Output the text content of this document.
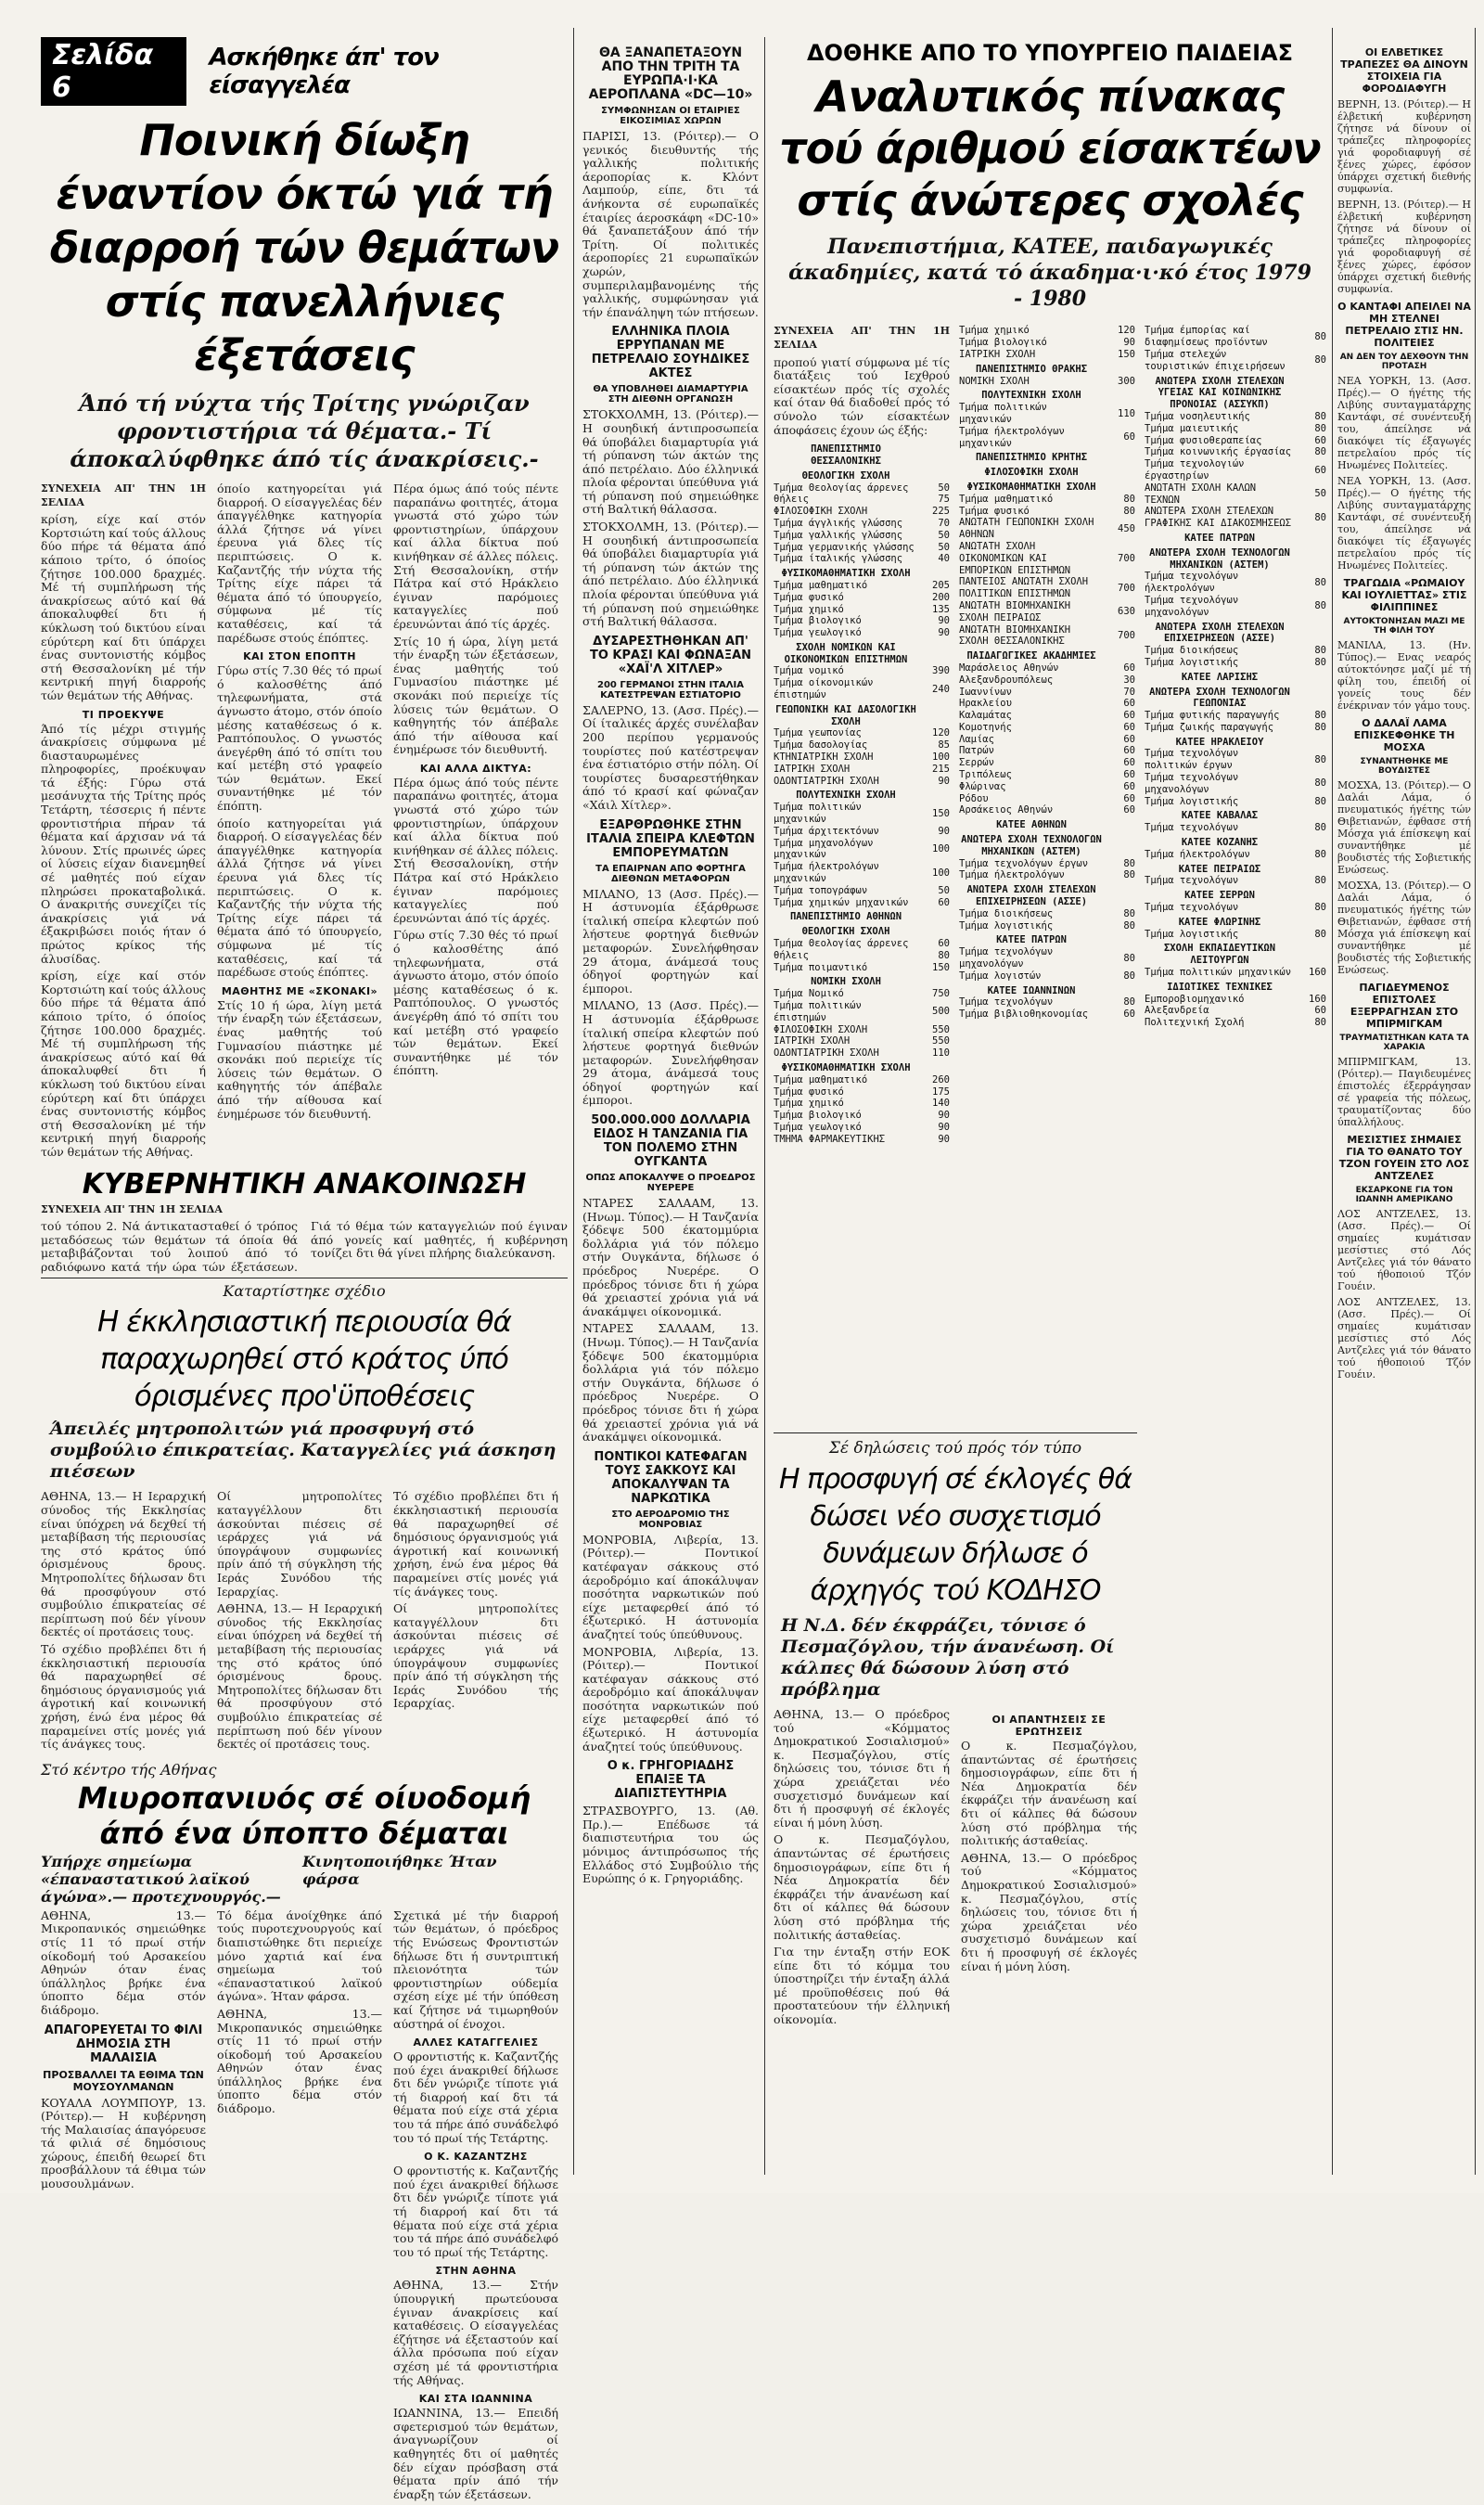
Σελίδα 6
Ασκήθηκε άπ' τον είσαγγελέα
Ποινική δίωξη έναντίον όκτώ γιά τή διαρροή τών θεμάτων στίς πανελλήνιες έξετάσεις

Άπό τή νύχτα τής Τρίτης γνώριζαν φροντιστήρια τά θέματα.- Τί άποκαλύφθηκε άπό τίς άνακρίσεις.-

ΣΥΝΕΧΕΙΑ ΑΠ' ΤΗΝ 1Η ΣΕΛΙΔΑ

κρίση, είχε καί στόν Κορτσιώτη καί τούς άλλους δύο πήρε τά θέματα άπό κάποιο τρίτο, ό όποίος ζήτησε 100.000 δραχμές. Μέ τή συμπλήρωση τής άνακρίσεως αύτό καί θά άποκαλυφθεί δτι ή κύκλωση τού δικτύου είναι εύρύτερη καί δτι ύπάρχει ένας συντονιστής κόμβος στή Θεσσαλονίκη μέ τήν κεντρική πηγή διαρροής τών θεμάτων τής Αθήνας.

ΤΙ ΠΡΟΕΚΥΨΕ

Άπό τίς μέχρι στιγμής άνακρίσεις σύμφωνα μέ διασταυρωμένες πληροφορίες, προέκυψαν τά έξής: Γύρω στά μεσάνυχτα τής Τρίτης πρός Τετάρτη, τέσσερις ή πέντε φροντιστήρια πήραν τά θέματα καί άρχισαν νά τά λύνουν. Στίς πρωινές ώρες οί λύσεις είχαν διανεμηθεί σέ μαθητές πού είχαν πληρώσει προκαταβολικά. Ο άνακριτής συνεχίζει τίς άνακρίσεις γιά νά έξακριβώσει ποιός ήταν ό πρώτος κρίκος τής άλυσίδας.

κρίση, είχε καί στόν Κορτσιώτη καί τούς άλλους δύο πήρε τά θέματα άπό κάποιο τρίτο, ό όποίος ζήτησε 100.000 δραχμές. Μέ τή συμπλήρωση τής άνακρίσεως αύτό καί θά άποκαλυφθεί δτι ή κύκλωση τού δικτύου είναι εύρύτερη καί δτι ύπάρχει ένας συντονιστής κόμβος στή Θεσσαλονίκη μέ τήν κεντρική πηγή διαρροής τών θεμάτων τής Αθήνας.

όποίο κατηγορείται γιά διαρροή. Ο είσαγγελέας δέν άπαγγέλθηκε κατηγορία άλλά ζήτησε νά γίνει έρευνα γιά δλες τίς περιπτώσεις. Ο κ. Καζαντζής τήν νύχτα τής Τρίτης είχε πάρει τά θέματα άπό τό ύπουργείο, σύμφωνα μέ τίς καταθέσεις, καί τά παρέδωσε στούς έπόπτες.

ΚΑΙ ΣΤΟΝ ΕΠΟΠΤΗ

Γύρω στίς 7.30 θές τό πρωί ό καλοσθέτης άπό τηλεφωνήματα, στά άγνωστο άτομο, στόν όποίο μέσης καταθέσεως ό κ. Ραπτόπουλος. Ο γνωστός άνεγέρθη άπό τό σπίτι του καί μετέβη στό γραφείο τών θεμάτων. Εκεί συναντήθηκε μέ τόν έπόπτη.

όποίο κατηγορείται γιά διαρροή. Ο είσαγγελέας δέν άπαγγέλθηκε κατηγορία άλλά ζήτησε νά γίνει έρευνα γιά δλες τίς περιπτώσεις. Ο κ. Καζαντζής τήν νύχτα τής Τρίτης είχε πάρει τά θέματα άπό τό ύπουργείο, σύμφωνα μέ τίς καταθέσεις, καί τά παρέδωσε στούς έπόπτες.

ΜΑΘΗΤΗΣ ΜΕ «ΣΚΟΝΑΚΙ»

Στίς 10 ή ώρα, λίγη μετά τήν έναρξη τών έξετάσεων, ένας μαθητής τού Γυμνασίου πιάστηκε μέ σκονάκι πού περιείχε τίς λύσεις τών θεμάτων. Ο καθηγητής τόν άπέβαλε άπό τήν αίθουσα καί ένημέρωσε τόν διευθυντή.

Πέρα όμως άπό τούς πέντε παραπάνω φοιτητές, άτομα γνωστά στό χώρο τών φροντιστηρίων, ύπάρχουν καί άλλα δίκτυα πού κινήθηκαν σέ άλλες πόλεις. Στή Θεσσαλονίκη, στήν Πάτρα καί στό Ηράκλειο έγιναν παρόμοιες καταγγελίες πού έρευνώνται άπό τίς άρχές.

Στίς 10 ή ώρα, λίγη μετά τήν έναρξη τών έξετάσεων, ένας μαθητής τού Γυμνασίου πιάστηκε μέ σκονάκι πού περιείχε τίς λύσεις τών θεμάτων. Ο καθηγητής τόν άπέβαλε άπό τήν αίθουσα καί ένημέρωσε τόν διευθυντή.

ΚΑΙ ΑΛΛΑ ΔΙΚΤΥΑ:

Πέρα όμως άπό τούς πέντε παραπάνω φοιτητές, άτομα γνωστά στό χώρο τών φροντιστηρίων, ύπάρχουν καί άλλα δίκτυα πού κινήθηκαν σέ άλλες πόλεις. Στή Θεσσαλονίκη, στήν Πάτρα καί στό Ηράκλειο έγιναν παρόμοιες καταγγελίες πού έρευνώνται άπό τίς άρχές.

Γύρω στίς 7.30 θές τό πρωί ό καλοσθέτης άπό τηλεφωνήματα, στά άγνωστο άτομο, στόν όποίο μέσης καταθέσεως ό κ. Ραπτόπουλος. Ο γνωστός άνεγέρθη άπό τό σπίτι του καί μετέβη στό γραφείο τών θεμάτων. Εκεί συναντήθηκε μέ τόν έπόπτη.

ΚΥΒΕΡΝΗΤΙΚΗ ΑΝΑΚΟΙΝΩΣΗ

ΣΥΝΕΧΕΙΑ ΑΠ' ΤΗΝ 1Η ΣΕΛΙΔΑ

τού τόπου 2. Νά άντικατασταθεί ό τρόπος μεταδόσεως τών θεμάτων τά όποία θά μεταβιβάζονται τού λοιπού άπό τό ραδιόφωνο κατά τήν ώρα τών έξετάσεων. Γιά τό θέμα τών καταγγελιών πού έγιναν άπό γονείς καί μαθητές, ή κυβέρνηση τονίζει δτι θά γίνει πλήρης διαλεύκανση.

Καταρτίστηκε σχέδιο

Η έκκλησιαστική περιουσία θά παραχωρηθεί στό κράτος ύπό όρισμένες προ'ϋποθέσεις

Άπειλές μητροπολιτών γιά προσφυγή στό συμβούλιο έπικρατείας. Καταγγελίες γιά άσκηση πιέσεων

ΑΘΗΝΑ, 13.— Η Ιεραρχική σύνοδος τής Εκκλησίας είναι ύπόχρεη νά δεχθεί τή μεταβίβαση τής περιουσίας της στό κράτος ύπό όρισμένους δρους. Μητροπολίτες δήλωσαν δτι θά προσφύγουν στό συμβούλιο έπικρατείας σέ περίπτωση πού δέν γίνουν δεκτές οί προτάσεις τους.

Τό σχέδιο προβλέπει δτι ή έκκλησιαστική περιουσία θά παραχωρηθεί σέ δημόσιους όργανισμούς γιά άγροτική καί κοινωνική χρήση, ένώ ένα μέρος θά παραμείνει στίς μονές γιά τίς άνάγκες τους.

Οί μητροπολίτες καταγγέλλουν δτι άσκούνται πιέσεις σέ ιεράρχες γιά νά ύπογράψουν συμφωνίες πρίν άπό τή σύγκληση τής Ιεράς Συνόδου τής Ιεραρχίας.

ΑΘΗΝΑ, 13.— Η Ιεραρχική σύνοδος τής Εκκλησίας είναι ύπόχρεη νά δεχθεί τή μεταβίβαση τής περιουσίας της στό κράτος ύπό όρισμένους δρους. Μητροπολίτες δήλωσαν δτι θά προσφύγουν στό συμβούλιο έπικρατείας σέ περίπτωση πού δέν γίνουν δεκτές οί προτάσεις τους.

Τό σχέδιο προβλέπει δτι ή έκκλησιαστική περιουσία θά παραχωρηθεί σέ δημόσιους όργανισμούς γιά άγροτική καί κοινωνική χρήση, ένώ ένα μέρος θά παραμείνει στίς μονές γιά τίς άνάγκες τους.

Οί μητροπολίτες καταγγέλλουν δτι άσκούνται πιέσεις σέ ιεράρχες γιά νά ύπογράψουν συμφωνίες πρίν άπό τή σύγκληση τής Ιεράς Συνόδου τής Ιεραρχίας.

Στό κέντρο τής Αθήνας

Μιυροπανιυός σέ οίυοδομή άπό ένα ύποπτο δέμαται

Υπήρχε σημείωμα «έπαναστατικού λαϊκού άγώνα».— προτεχνουργός.—

Κινητοποιήθηκε Ήταν φάρσα

ΑΘΗΝΑ, 13.— Μικροπανικός σημειώθηκε στίς 11 τό πρωί στήν οίκοδομή τού Αρσακείου Αθηνών όταν ένας ύπάλληλος βρήκε ένα ύποπτο δέμα στόν διάδρομο.

ΑΠΑΓΟΡΕΥΕΤΑΙ ΤΟ ΦΙΛΙ ΔΗΜΟΣΙΑ ΣΤΗ ΜΑΛΑΙΣΙΑ

ΠΡΟΣΒΑΛΛΕΙ ΤΑ ΕΘΙΜΑ ΤΩΝ ΜΟΥΣΟΥΛΜΑΝΩΝ

ΚΟΥΑΛΑ ΛΟΥΜΠΟΥΡ, 13. (Ρόιτερ).— Η κυβέρνηση τής Μαλαισίας άπαγόρευσε τά φιλιά σέ δημόσιους χώρους, έπειδή θεωρεί δτι προσβάλλουν τά έθιμα τών μουσουλμάνων.

Τό δέμα άνοίχθηκε άπό τούς πυροτεχνουργούς καί διαπιστώθηκε δτι περιείχε μόνο χαρτιά καί ένα σημείωμα τού «έπαναστατικού λαϊκού άγώνα». Ήταν φάρσα.

ΑΘΗΝΑ, 13.— Μικροπανικός σημειώθηκε στίς 11 τό πρωί στήν οίκοδομή τού Αρσακείου Αθηνών όταν ένας ύπάλληλος βρήκε ένα ύποπτο δέμα στόν διάδρομο.

Σχετικά μέ τήν διαρροή τών θεμάτων, ό πρόεδρος τής Ενώσεως Φροντιστών δήλωσε δτι ή συντριπτική πλειονότητα τών φροντιστηρίων ούδεμία σχέση είχε μέ τήν ύπόθεση καί ζήτησε νά τιμωρηθούν αύστηρά οί ένοχοι.

ΑΛΛΕΣ ΚΑΤΑΓΓΕΛΙΕΣ

Ο φροντιστής κ. Καζαντζής πού έχει άνακριθεί δήλωσε δτι δέν γνώριζε τίποτε γιά τή διαρροή καί δτι τά θέματα πού είχε στά χέρια του τά πήρε άπό συνάδελφό του τό πρωί τής Τετάρτης.

Ο Κ. ΚΑΖΑΝΤΖΗΣ

Ο φροντιστής κ. Καζαντζής πού έχει άνακριθεί δήλωσε δτι δέν γνώριζε τίποτε γιά τή διαρροή καί δτι τά θέματα πού είχε στά χέρια του τά πήρε άπό συνάδελφό του τό πρωί τής Τετάρτης.

ΣΤΗΝ ΑΘΗΝΑ

ΑΘΗΝΑ, 13.— Στήν ύπουργική πρωτεύουσα έγιναν άνακρίσεις καί καταθέσεις. Ο είσαγγελέας έζήτησε νά έξεταστούν καί άλλα πρόσωπα πού είχαν σχέση μέ τά φροντιστήρια τής Αθήνας.

ΚΑΙ ΣΤΑ ΙΩΑΝΝΙΝΑ

ΙΩΑΝΝΙΝΑ, 13.— Επειδή σφετερισμού τών θεμάτων, άναγνωρίζουν οί καθηγητές δτι οί μαθητές δέν είχαν πρόσβαση στά θέματα πρίν άπό τήν έναρξη τών έξετάσεων.

ΘΑ ΞΑΝΑΠΕΤΑΞΟΥΝ ΑΠΟ ΤΗΝ ΤΡΙΤΗ ΤΑ ΕΥΡΩΠΑ·Ι·ΚΑ ΑΕΡΟΠΛΑΝΑ «DC—10»

ΣΥΜΦΩΝΗΣΑΝ ΟΙ ΕΤΑΙΡΙΕΣ ΕΙΚΟΣΙΜΙΑΣ ΧΩΡΩΝ

ΠΑΡΙΣΙ, 13. (Ρόιτερ).— Ο γενικός διευθυντής τής γαλλικής πολιτικής άεροπορίας κ. Κλόντ Λαμπούρ, είπε, δτι τά άνήκοντα σέ ευρωπαϊκές έταιρίες άεροσκάφη «DC-10» θά ξαναπετάξουν άπό τήν Τρίτη. Οί πολιτικές άεροπορίες 21 ευρωπαϊκών χωρών, συμπεριλαμβανομένης τής γαλλικής, συμφώνησαν γιά τήν έπανάληψη τών πτήσεων.

ΕΛΛΗΝΙΚΑ ΠΛΟΙΑ ΕΡΡΥΠΑΝΑΝ ΜΕ ΠΕΤΡΕΛΑΙΟ ΣΟΥΗΔΙΚΕΣ ΑΚΤΕΣ

ΘΑ ΥΠΟΒΛΗΘΕΙ ΔΙΑΜΑΡΤΥΡΙΑ ΣΤΗ ΔΙΕΘΝΗ ΟΡΓΑΝΩΣΗ

ΣΤΟΚΧΟΛΜΗ, 13. (Ρόιτερ).— Η σουηδική άντιπροσωπεία θά ύποβάλει διαμαρτυρία γιά τή ρύπανση τών άκτών της άπό πετρέλαιο. Δύο έλληνικά πλοία φέρονται ύπεύθυνα γιά τή ρύπανση πού σημειώθηκε στή Βαλτική θάλασσα.

ΣΤΟΚΧΟΛΜΗ, 13. (Ρόιτερ).— Η σουηδική άντιπροσωπεία θά ύποβάλει διαμαρτυρία γιά τή ρύπανση τών άκτών της άπό πετρέλαιο. Δύο έλληνικά πλοία φέρονται ύπεύθυνα γιά τή ρύπανση πού σημειώθηκε στή Βαλτική θάλασσα.

ΔΥΣΑΡΕΣΤΗΘΗΚΑΝ ΑΠ' ΤΟ ΚΡΑΣΙ ΚΑΙ ΦΩΝΑΞΑΝ «ΧΑΪ'Λ ΧΙΤΛΕΡ»

200 ΓΕΡΜΑΝΟΙ ΣΤΗΝ ΙΤΑΛΙΑ ΚΑΤΕΣΤΡΕΨΑΝ ΕΣΤΙΑΤΟΡΙΟ

ΣΑΛΕΡΝΟ, 13. (Ασσ. Πρές).— Οί ίταλικές άρχές συνέλαβαν 200 περίπου γερμανούς τουρίστες πού κατέστρεψαν ένα έστιατόριο στήν πόλη. Οί τουρίστες δυσαρεστήθηκαν άπό τό κρασί καί φώναζαν «Χάιλ Χίτλερ».

ΕΞΑΡΘΡΩΘΗΚΕ ΣΤΗΝ ΙΤΑΛΙΑ ΣΠΕΙΡΑ ΚΛΕΦΤΩΝ ΕΜΠΟΡΕΥΜΑΤΩΝ

ΤΑ ΕΠΑΙΡΝΑΝ ΑΠΟ ΦΟΡΤΗΓΑ ΔΙΕΘΝΩΝ ΜΕΤΑΦΟΡΩΝ

ΜΙΛΑΝΟ, 13 (Ασσ. Πρές).— Η άστυνομία έξάρθρωσε ίταλική σπείρα κλεφτών πού λήστευε φορτηγά διεθνών μεταφορών. Συνελήφθησαν 29 άτομα, άνάμεσά τους όδηγοί φορτηγών καί έμποροι.

ΜΙΛΑΝΟ, 13 (Ασσ. Πρές).— Η άστυνομία έξάρθρωσε ίταλική σπείρα κλεφτών πού λήστευε φορτηγά διεθνών μεταφορών. Συνελήφθησαν 29 άτομα, άνάμεσά τους όδηγοί φορτηγών καί έμποροι.

500.000.000 ΔΟΛΛΑΡΙΑ ΕΙΔΟΣ Η ΤΑΝΖΑΝΙΑ ΓΙΑ ΤΟΝ ΠΟΛΕΜΟ ΣΤΗΝ ΟΥΓΚΑΝΤΑ

ΟΠΩΣ ΑΠΟΚΑΛΥΨΕ Ο ΠΡΟΕΔΡΟΣ ΝΥΕΡΕΡΕ

ΝΤΑΡΕΣ ΣΑΛΑΑΜ, 13. (Ηνωμ. Τύπος).— Η Τανζανία ξόδεψε 500 έκατομμύρια δολλάρια γιά τόν πόλεμο στήν Ουγκάντα, δήλωσε ό πρόεδρος Νυερέρε. Ο πρόεδρος τόνισε δτι ή χώρα θά χρειαστεί χρόνια γιά νά άνακάμψει οίκονομικά.

ΝΤΑΡΕΣ ΣΑΛΑΑΜ, 13. (Ηνωμ. Τύπος).— Η Τανζανία ξόδεψε 500 έκατομμύρια δολλάρια γιά τόν πόλεμο στήν Ουγκάντα, δήλωσε ό πρόεδρος Νυερέρε. Ο πρόεδρος τόνισε δτι ή χώρα θά χρειαστεί χρόνια γιά νά άνακάμψει οίκονομικά.

ΠΟΝΤΙΚΟΙ ΚΑΤΕΦΑΓΑΝ ΤΟΥΣ ΣΑΚΚΟΥΣ ΚΑΙ ΑΠΟΚΑΛΥΨΑΝ ΤΑ ΝΑΡΚΩΤΙΚΑ

ΣΤΟ ΑΕΡΟΔΡΟΜΙΟ ΤΗΣ ΜΟΝΡΟΒΙΑΣ

ΜΟΝΡΟΒΙΑ, Λιβερία, 13. (Ρόιτερ).— Ποντικοί κατέφαγαν σάκκους στό άεροδρόμιο καί άποκάλυψαν ποσότητα ναρκωτικών πού είχε μεταφερθεί άπό τό έξωτερικό. Η άστυνομία άναζητεί τούς ύπεύθυνους.

ΜΟΝΡΟΒΙΑ, Λιβερία, 13. (Ρόιτερ).— Ποντικοί κατέφαγαν σάκκους στό άεροδρόμιο καί άποκάλυψαν ποσότητα ναρκωτικών πού είχε μεταφερθεί άπό τό έξωτερικό. Η άστυνομία άναζητεί τούς ύπεύθυνους.

Ο κ. ΓΡΗΓΟΡΙΑΔΗΣ ΕΠΑΙΞΕ ΤΑ ΔΙΑΠΙΣΤΕΥΤΗΡΙΑ

ΣΤΡΑΣΒΟΥΡΓΟ, 13. (Αθ. Πρ.).— Επέδωσε τά διαπιστευτήρια του ώς μόνιμος άντιπρόσωπος τής Ελλάδος στό Συμβούλιο τής Ευρώπης ό κ. Γρηγοριάδης.

ΔΟΘΗΚΕ ΑΠΟ ΤΟ ΥΠΟΥΡΓΕΙΟ ΠΑΙΔΕΙΑΣ

Αναλυτικός πίνακας τού άριθμού είσακτέων στίς άνώτερες σχολές

Πανεπιστήμια, ΚΑΤΕΕ, παιδαγωγικές άκαδημίες, κατά τό άκαδημα·ι·κό έτος 1979 - 1980

ΣΥΝΕΧΕΙΑ ΑΠ' ΤΗΝ 1Η ΣΕΛΙΔΑ

προπού γιατί σύμφωνα μέ τίς διατάξεις τού Ιεχθρού είσακτέων πρός τίς σχολές καί όταν θά διαδοθεί πρός τό σύνολο τών είσακτέων άποφάσεις έχουν ώς έξής:

ΠΑΝΕΠΙΣΤΗΜΙΟ ΘΕΣΣΑΛΟΝΙΚΗΣ	
ΘΕΟΛΟΓΙΚΗ ΣΧΟΛΗ	
Τμήμα Θεολογίας άρρενες	50
θήλεις	75
ΦΙΛΟΣΟΦΙΚΗ ΣΧΟΛΗ	225
Τμήμα άγγλικής γλώσσης	70
Τμήμα γαλλικής γλώσσης	50
Τμήμα γερμανικής γλώσσης	50
Τμήμα ίταλικής γλώσσης	40
ΦΥΣΙΚΟΜΑΘΗΜΑΤΙΚΗ ΣΧΟΛΗ	
Τμήμα μαθηματικό	205
Τμήμα φυσικό	200
Τμήμα χημικό	135
Τμήμα βιολογικό	90
Τμήμα γεωλογικό	90
ΣΧΟΛΗ ΝΟΜΙΚΩΝ ΚΑΙ ΟΙΚΟΝΟΜΙΚΩΝ ΕΠΙΣΤΗΜΩΝ	
Τμήμα νομικό	390
Τμήμα οίκονομικών έπιστημών	240
ΓΕΩΠΟΝΙΚΗ ΚΑΙ ΔΑΣΟΛΟΓΙΚΗ ΣΧΟΛΗ	
Τμήμα γεωπονίας	120
Τμήμα δασολογίας	85
ΚΤΗΝΙΑΤΡΙΚΗ ΣΧΟΛΗ	100
ΙΑΤΡΙΚΗ ΣΧΟΛΗ	215
ΟΔΟΝΤΙΑΤΡΙΚΗ ΣΧΟΛΗ	90
ΠΟΛΥΤΕΧΝΙΚΗ ΣΧΟΛΗ	
Τμήμα πολιτικών μηχανικών	150
Τμήμα άρχιτεκτόνων	90
Τμήμα μηχανολόγων μηχανικών	100
Τμήμα ήλεκτρολόγων μηχανικών	100
Τμήμα τοπογράφων	50
Τμήμα χημικών μηχανικών	60
ΠΑΝΕΠΙΣΤΗΜΙΟ ΑΘΗΝΩΝ	
ΘΕΟΛΟΓΙΚΗ ΣΧΟΛΗ	
Τμήμα Θεολογίας άρρενες	60
θήλεις	80
Τμήμα ποιμαντικό	150
ΝΟΜΙΚΗ ΣΧΟΛΗ	
Τμήμα Νομικό	750
Τμήμα πολιτικών έπιστημών	500
ΦΙΛΟΣΟΦΙΚΗ ΣΧΟΛΗ	550
ΙΑΤΡΙΚΗ ΣΧΟΛΗ	550
ΟΔΟΝΤΙΑΤΡΙΚΗ ΣΧΟΛΗ	110
ΦΥΣΙΚΟΜΑΘΗΜΑΤΙΚΗ ΣΧΟΛΗ	
Τμήμα μαθηματικό	260
Τμήμα φυσικό	175
Τμήμα χημικό	140
Τμήμα βιολογικό	90
Τμήμα γεωλογικό	90
ΤΜΗΜΑ ΦΑΡΜΑΚΕΥΤΙΚΗΣ	90
Τμήμα χημικό	120
Τμήμα βιολογικό	90
ΙΑΤΡΙΚΗ ΣΧΟΛΗ	150
ΠΑΝΕΠΙΣΤΗΜΙΟ ΘΡΑΚΗΣ	
ΝΟΜΙΚΗ ΣΧΟΛΗ	300
ΠΟΛΥΤΕΧΝΙΚΗ ΣΧΟΛΗ	
Τμήμα πολιτικών μηχανικών	110
Τμήμα ήλεκτρολόγων μηχανικών	60
ΠΑΝΕΠΙΣΤΗΜΙΟ ΚΡΗΤΗΣ	
ΦΙΛΟΣΟΦΙΚΗ ΣΧΟΛΗ	
ΦΥΣΙΚΟΜΑΘΗΜΑΤΙΚΗ ΣΧΟΛΗ	
Τμήμα μαθηματικό	80
Τμήμα φυσικό	80
ΑΝΩΤΑΤΗ ΓΕΩΠΟΝΙΚΗ ΣΧΟΛΗ ΑΘΗΝΩΝ	450
ΑΝΩΤΑΤΗ ΣΧΟΛΗ ΟΙΚΟΝΟΜΙΚΩΝ ΚΑΙ ΕΜΠΟΡΙΚΩΝ ΕΠΙΣΤΗΜΩΝ	700
ΠΑΝΤΕΙΟΣ ΑΝΩΤΑΤΗ ΣΧΟΛΗ ΠΟΛΙΤΙΚΩΝ ΕΠΙΣΤΗΜΩΝ	700
ΑΝΩΤΑΤΗ ΒΙΟΜΗΧΑΝΙΚΗ ΣΧΟΛΗ ΠΕΙΡΑΙΩΣ	630
ΑΝΩΤΑΤΗ ΒΙΟΜΗΧΑΝΙΚΗ ΣΧΟΛΗ ΘΕΣΣΑΛΟΝΙΚΗΣ	700
ΠΑΙΔΑΓΩΓΙΚΕΣ ΑΚΑΔΗΜΙΕΣ	
Μαράσλειος Αθηνών	60
Αλεξανδρουπόλεως	30
Ιωαννίνων	70
Ηρακλείου	60
Καλαμάτας	60
Κομοτηνής	60
Λαμίας	60
Πατρών	60
Σερρών	60
Τριπόλεως	60
Φλώρινας	60
Ρόδου	60
Αρσάκειος Αθηνών	60
ΚΑΤΕΕ ΑΘΗΝΩΝ	
ΑΝΩΤΕΡΑ ΣΧΟΛΗ ΤΕΧΝΟΛΟΓΩΝ ΜΗΧΑΝΙΚΩΝ (ΑΣΤΕΜ)	
Τμήμα τεχνολόγων έργων	80
Τμήμα ήλεκτρολόγων	80
ΑΝΩΤΕΡΑ ΣΧΟΛΗ ΣΤΕΛΕΧΩΝ ΕΠΙΧΕΙΡΗΣΕΩΝ (ΑΣΣΕ)	
Τμήμα διοικήσεως	80
Τμήμα λογιστικής	80
ΚΑΤΕΕ ΠΑΤΡΩΝ	
Τμήμα τεχνολόγων μηχανολόγων	80
Τμήμα λογιστών	80
ΚΑΤΕΕ ΙΩΑΝΝΙΝΩΝ	
Τμήμα τεχνολόγων	80
Τμήμα βιβλιοθηκονομίας	60
Τμήμα έμπορίας καί διαφημίσεως προϊόντων	80
Τμήμα στελεχών τουριστικών έπιχειρήσεων	80
ΑΝΩΤΕΡΑ ΣΧΟΛΗ ΣΤΕΛΕΧΩΝ ΥΓΕΙΑΣ ΚΑΙ ΚΟΙΝΩΝΙΚΗΣ ΠΡΟΝΟΙΑΣ (ΑΣΣΥΚΠ)	
Τμήμα νοσηλευτικής	80
Τμήμα μαιευτικής	80
Τμήμα φυσιοθεραπείας	60
Τμήμα κοινωνικής έργασίας	80
Τμήμα τεχνολογιών έργαστηρίων	60
ΑΝΩΤΑΤΗ ΣΧΟΛΗ ΚΑΛΩΝ ΤΕΧΝΩΝ	50
ΑΝΩΤΕΡΑ ΣΧΟΛΗ ΣΤΕΛΕΧΩΝ ΓΡΑΦΙΚΗΣ ΚΑΙ ΔΙΑΚΟΣΜΗΣΕΩΣ	80
ΚΑΤΕΕ ΠΑΤΡΩΝ	
ΑΝΩΤΕΡΑ ΣΧΟΛΗ ΤΕΧΝΟΛΟΓΩΝ ΜΗΧΑΝΙΚΩΝ (ΑΣΤΕΜ)	
Τμήμα τεχνολόγων ήλεκτρολόγων	80
Τμήμα τεχνολόγων μηχανολόγων	80
ΑΝΩΤΕΡΑ ΣΧΟΛΗ ΣΤΕΛΕΧΩΝ ΕΠΙΧΕΙΡΗΣΕΩΝ (ΑΣΣΕ)	
Τμήμα διοικήσεως	80
Τμήμα λογιστικής	80
ΚΑΤΕΕ ΛΑΡΙΣΗΣ	
ΑΝΩΤΕΡΑ ΣΧΟΛΗ ΤΕΧΝΟΛΟΓΩΝ ΓΕΩΠΟΝΙΑΣ	
Τμήμα φυτικής παραγωγής	80
Τμήμα ζωικής παραγωγής	80
ΚΑΤΕΕ ΗΡΑΚΛΕΙΟΥ	
Τμήμα τεχνολόγων πολιτικών έργων	80
Τμήμα τεχνολόγων μηχανολόγων	80
Τμήμα λογιστικής	80
ΚΑΤΕΕ ΚΑΒΑΛΑΣ	
Τμήμα τεχνολόγων	80
ΚΑΤΕΕ ΚΟΖΑΝΗΣ	
Τμήμα ήλεκτρολόγων	80
ΚΑΤΕΕ ΠΕΙΡΑΙΩΣ	
Τμήμα τεχνολόγων	80
ΚΑΤΕΕ ΣΕΡΡΩΝ	
Τμήμα τεχνολόγων	80
ΚΑΤΕΕ ΦΛΩΡΙΝΗΣ	
Τμήμα λογιστικής	80
ΣΧΟΛΗ ΕΚΠΑΙΔΕΥΤΙΚΩΝ ΛΕΙΤΟΥΡΓΩΝ	
Τμήμα πολιτικών μηχανικών	160
ΙΔΙΩΤΙΚΕΣ ΤΕΧΝΙΚΕΣ	
Εμποροβιομηχανικό	160
Αλεξανδρεία	60
Πολιτεχνική Σχολή	80

Σέ δηλώσεις τού πρός τόν τύπο

Η προσφυγή σέ έκλογές θά δώσει νέο συσχετισμό δυνάμεων δήλωσε ό άρχηγός τού ΚΟΔΗΣΟ

Η Ν.Δ. δέν έκφράζει, τόνισε ό Πεσμαζόγλου, τήν άνανέωση. Οί κάλπες θά δώσουν λύση στό πρόβλημα

ΑΘΗΝΑ, 13.— Ο πρόεδρος τού «Κόμματος Δημοκρατικού Σοσιαλισμού» κ. Πεσμαζόγλου, στίς δηλώσεις του, τόνισε δτι ή χώρα χρειάζεται νέο συσχετισμό δυνάμεων καί δτι ή προσφυγή σέ έκλογές είναι ή μόνη λύση.

Ο κ. Πεσμαζόγλου, άπαντώντας σέ έρωτήσεις δημοσιογράφων, είπε δτι ή Νέα Δημοκρατία δέν έκφράζει τήν άνανέωση καί δτι οί κάλπες θά δώσουν λύση στό πρόβλημα τής πολιτικής άσταθείας.

Για την ένταξη στήν ΕΟΚ είπε δτι τό κόμμα του ύποστηρίζει τήν ένταξη άλλά μέ προϋποθέσεις πού θά προστατεύουν τήν έλληνική οίκονομία.

ΟΙ ΑΠΑΝΤΗΣΕΙΣ ΣΕ ΕΡΩΤΗΣΕΙΣ

Ο κ. Πεσμαζόγλου, άπαντώντας σέ έρωτήσεις δημοσιογράφων, είπε δτι ή Νέα Δημοκρατία δέν έκφράζει τήν άνανέωση καί δτι οί κάλπες θά δώσουν λύση στό πρόβλημα τής πολιτικής άσταθείας.

ΑΘΗΝΑ, 13.— Ο πρόεδρος τού «Κόμματος Δημοκρατικού Σοσιαλισμού» κ. Πεσμαζόγλου, στίς δηλώσεις του, τόνισε δτι ή χώρα χρειάζεται νέο συσχετισμό δυνάμεων καί δτι ή προσφυγή σέ έκλογές είναι ή μόνη λύση.

ΟΙ ΕΛΒΕΤΙΚΕΣ ΤΡΑΠΕΖΕΣ ΘΑ ΔΙΝΟΥΝ ΣΤΟΙΧΕΙΑ ΓΙΑ ΦΟΡΟΔΙΑΦΥΓΗ

ΒΕΡΝΗ, 13. (Ρόιτερ).— Η έλβετική κυβέρνηση ζήτησε νά δίνουν οί τράπεζες πληροφορίες γιά φοροδιαφυγή σέ ξένες χώρες, έφόσον ύπάρχει σχετική διεθνής συμφωνία.

ΒΕΡΝΗ, 13. (Ρόιτερ).— Η έλβετική κυβέρνηση ζήτησε νά δίνουν οί τράπεζες πληροφορίες γιά φοροδιαφυγή σέ ξένες χώρες, έφόσον ύπάρχει σχετική διεθνής συμφωνία.

Ο ΚΑΝΤΑΦΙ ΑΠΕΙΛΕΙ ΝΑ ΜΗ ΣΤΕΛΝΕΙ ΠΕΤΡΕΛΑΙΟ ΣΤΙΣ ΗΝ. ΠΟΛΙΤΕΙΕΣ

ΑΝ ΔΕΝ ΤΟΥ ΔΕΧΘΟΥΝ ΤΗΝ ΠΡΟΤΑΣΗ

ΝΕΑ ΥΟΡΚΗ, 13. (Ασσ. Πρές).— Ο ήγέτης τής Λιβύης συνταγματάρχης Καντάφι, σέ συνέντευξή του, άπείλησε νά διακόψει τίς έξαγωγές πετρελαίου πρός τίς Ηνωμένες Πολιτείες.

ΝΕΑ ΥΟΡΚΗ, 13. (Ασσ. Πρές).— Ο ήγέτης τής Λιβύης συνταγματάρχης Καντάφι, σέ συνέντευξή του, άπείλησε νά διακόψει τίς έξαγωγές πετρελαίου πρός τίς Ηνωμένες Πολιτείες.

ΤΡΑΓΩΔΙΑ «ΡΩΜΑΙΟΥ ΚΑΙ ΙΟΥΛΙΕΤΤΑΣ» ΣΤΙΣ ΦΙΛΙΠΠΙΝΕΣ

ΑΥΤΟΚΤΟΝΗΣΑΝ ΜΑΖΙ ΜΕ ΤΗ ΦΙΛΗ ΤΟΥ

ΜΑΝΙΛΑ, 13. (Ην. Τύπος).— Ενας νεαρός αύτοκτόνησε μαζί μέ τή φίλη του, έπειδή οί γονείς τους δέν ένέκριναν τόν γάμο τους.

Ο ΔΑΛΑΪ ΛΑΜΑ ΕΠΙΣΚΕΦΘΗΚΕ ΤΗ ΜΟΣΧΑ

ΣΥΝΑΝΤΗΘΗΚΕ ΜΕ ΒΟΥΔΙΣΤΕΣ

ΜΟΣΧΑ, 13. (Ρόιτερ).— Ο Δαλάι Λάμα, ό πνευματικός ήγέτης τών Θιβετιανών, έφθασε στή Μόσχα γιά έπίσκεψη καί συναντήθηκε μέ βουδιστές τής Σοβιετικής Ενώσεως.

ΜΟΣΧΑ, 13. (Ρόιτερ).— Ο Δαλάι Λάμα, ό πνευματικός ήγέτης τών Θιβετιανών, έφθασε στή Μόσχα γιά έπίσκεψη καί συναντήθηκε μέ βουδιστές τής Σοβιετικής Ενώσεως.

ΠΑΓΙΔΕΥΜΕΝΟΣ ΕΠΙΣΤΟΛΕΣ ΕΞΕΡΡΑΓΗΣΑΝ ΣΤΟ ΜΠΙΡΜΙΓΚΑΜ

ΤΡΑΥΜΑΤΙΣΤΗΚΑΝ ΚΑΤΑ ΤΑ ΧΑΡΑΚΙΑ

ΜΠΙΡΜΙΓΚΑΜ, 13. (Ρόιτερ).— Παγιδευμένες έπιστολές έξερράγησαν σέ γραφεία τής πόλεως, τραυματίζοντας δύο ύπαλλήλους.

ΜΕΣΙΣΤΙΕΣ ΣΗΜΑΙΕΣ ΓΙΑ ΤΟ ΘΑΝΑΤΟ ΤΟΥ ΤΖΟΝ ΓΟΥΕΙΝ ΣΤΟ ΛΟΣ ΑΝΤΖΕΛΕΣ

ΕΚΣΑΡΚΟΝΕ ΓΙΑ ΤΟΝ ΙΩΑΝΝΗ ΑΜΕΡΙΚΑΝΟ

ΛΟΣ ΑΝΤΖΕΛΕΣ, 13. (Ασσ. Πρές).— Οί σημαίες κυμάτισαν μεσίστιες στό Λός Αντζελες γιά τόν θάνατο τού ήθοποιού Τζόν Γουέιν.

ΛΟΣ ΑΝΤΖΕΛΕΣ, 13. (Ασσ. Πρές).— Οί σημαίες κυμάτισαν μεσίστιες στό Λός Αντζελες γιά τόν θάνατο τού ήθοποιού Τζόν Γουέιν.
